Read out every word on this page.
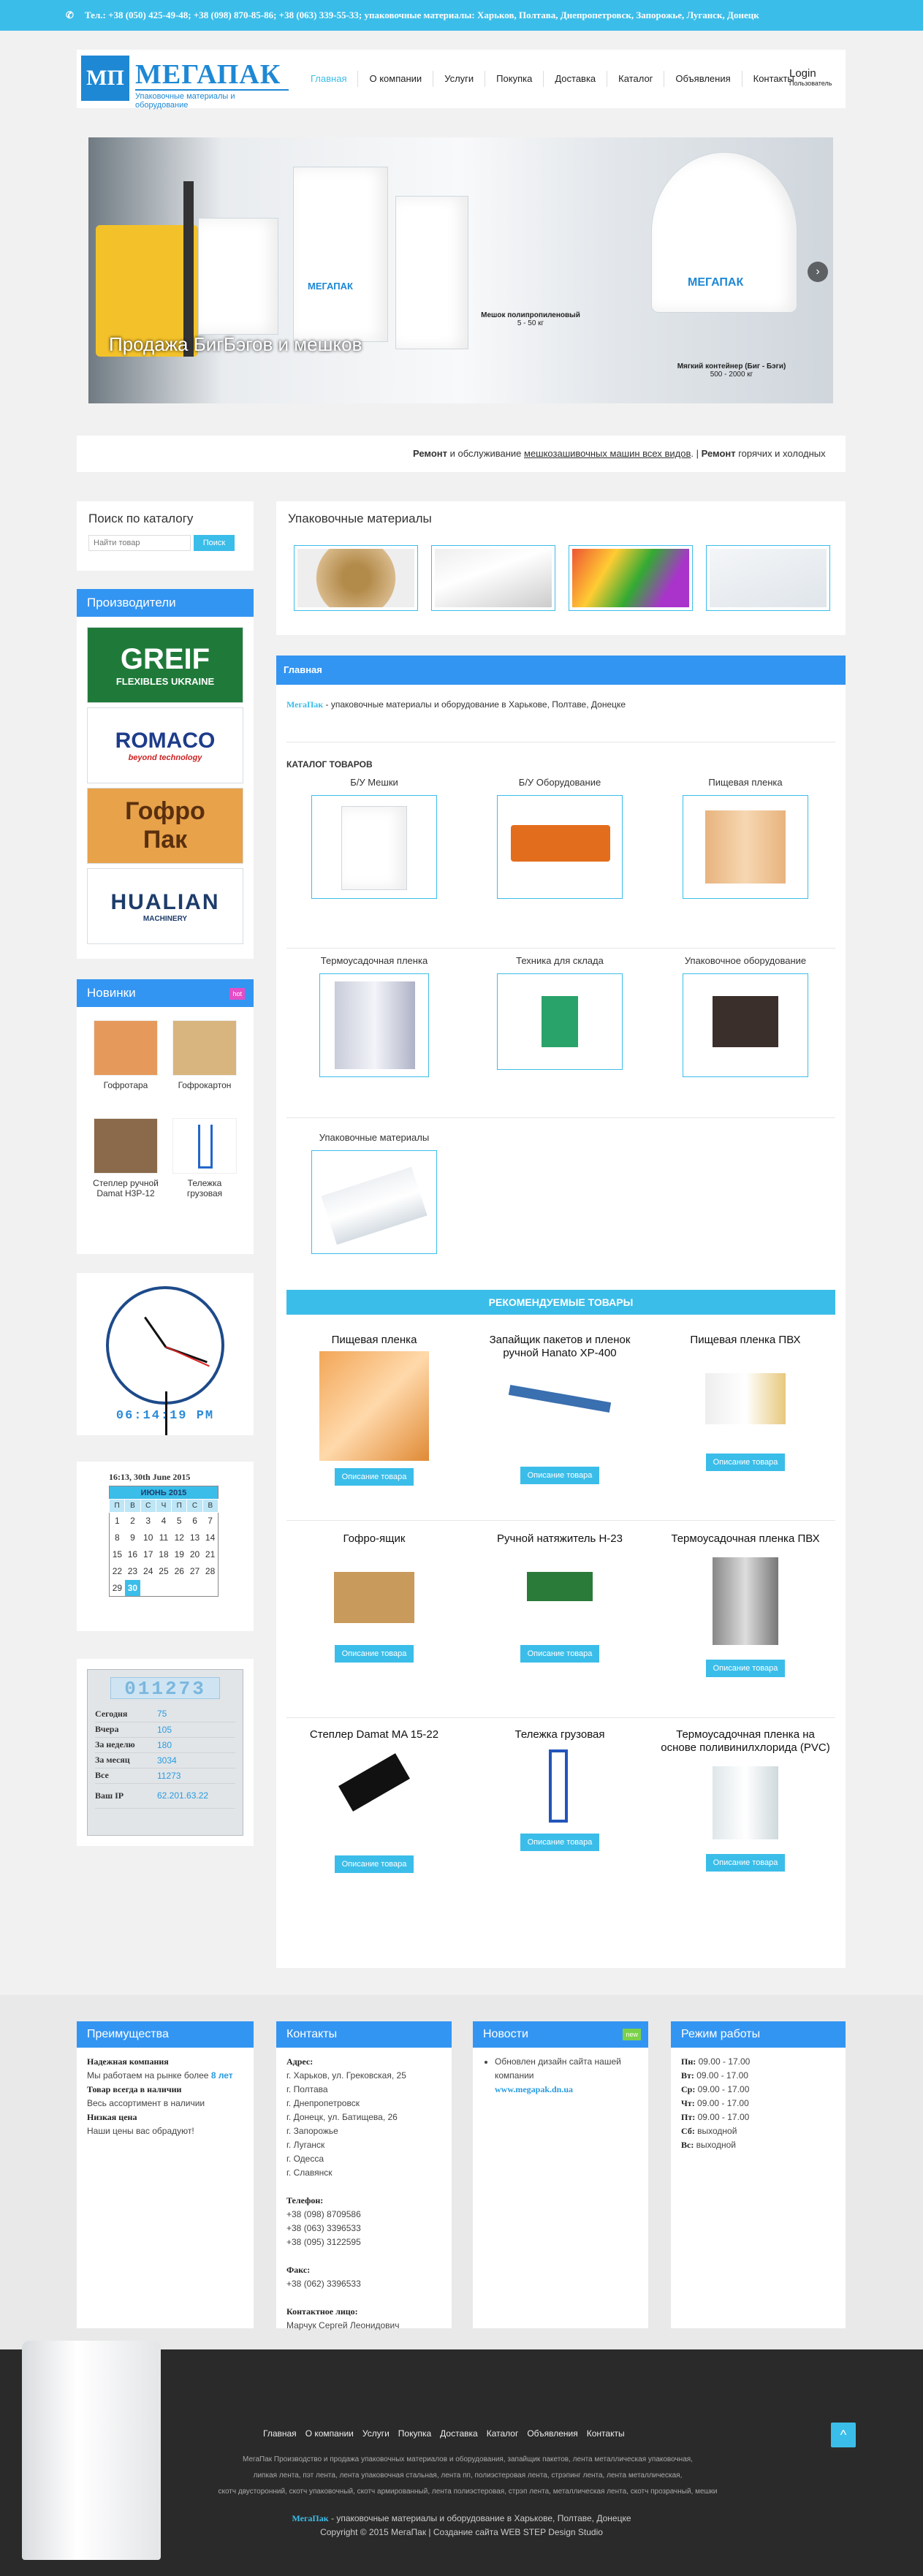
✆ Тел.: +38 (050) 425-49-48; +38 (098) 870-85-86; +38 (063) 339-55-33; упаковочные материалы: Харьков, Полтава, Днепропетровск, Запорожье, Луганск, Донецк
МП МЕГАПАК
Упаковочные материалы и оборудование
Главная	О компании	Услуги	Покупка	Доставка	Каталог	Объявления	Контакты
Login
Пользователь
МЕГАПАК	МЕГАПАК
Мешок полипропиленовый
5 - 50 кг
Мягкий контейнер (Биг - Бэги)
500 - 2000 кг
Продажа БигБэгов и мешков
›
Ремонт и обслуживание мешкозашивочных машин всех видов. | Ремонт горячих и холодных
Поиск по каталогу
Найти товарПоиск
Производители
GREIF
FLEXIBLES UKRAINE
ROMACO
beyond technology
Гофро
Пак
HUALIAN
MACHINERY
Новинки	hot
Гофротара	Гофрокартон
Степлер ручной Damat H3P-12
Тележка грузовая
06:14:19 PM
16:13, 30th June 2015
ИЮНЬ 2015						
П	В	С	Ч	П	С	В
1	2	3	4	5	6	7
8	9	10	11	12	13	14
15	16	17	18	19	20	21
22	23	24	25	26	27	28
29	30					
011273
Сегодня	75
Вчера	105
За неделю	180
За месяц	3034
Все	11273
Ваш IP	62.201.63.22
Упаковочные материалы
Главная
МегаПак - упаковочные материалы и оборудование в Харькове, Полтаве, Донецке
КАТАЛОГ ТОВАРОВ
Б/У Мешки	Б/У Оборудование	Пищевая пленка
Термоусадочная пленка	Техника для склада	Упаковочное оборудование
Упаковочные материалы
РЕКОМЕНДУЕМЫЕ ТОВАРЫ
Пищевая пленка
Описание товара
Запайщик пакетов и пленок ручной Hanato XP-400
Описание товара
Пищевая пленка ПВХ
Описание товара
Гофро-ящик
Описание товара
Ручной натяжитель Н-23
Описание товара
Термоусадочная пленка ПВХ
Описание товара
Степлер Damat MA 15-22
Описание товара
Тележка грузовая
Описание товара
Термоусадочная пленка на основе поливинилхлорида (PVC)
Описание товара
Преимущества
Надежная компания
Мы работаем на рынке более 8 лет
Товар всегда в наличии
Весь ассортимент в наличии
Низкая цена
Наши цены вас обрадуют!
Контакты
Адрес:
г. Харьков, ул. Грековская, 25
г. Полтава
г. Днепропетровск
г. Донецк, ул. Батищева, 26
г. Запорожье
г. Луганск
г. Одесса
г. Славянск

Телефон:
+38 (098) 8709586
+38 (063) 3396533
+38 (095) 3122595

Факс:
+38 (062) 3396533

Контактное лицо:
Марчук Сергей Леонидович
Новости	new
• Обновлен дизайн сайта нашей компании
www.megapak.dn.ua
Режим работы
Пн: 09.00 - 17.00
Вт: 09.00 - 17.00
Ср: 09.00 - 17.00
Чт: 09.00 - 17.00
Пт: 09.00 - 17.00
Сб: выходной
Вс: выходной
Главная О компании Услуги Покупка Доставка Каталог Объявления Контакты
МегаПак Производство и продажа упаковочных материалов и оборудования, запайщик пакетов, лента металлическая упаковочная,
липкая лента, пэт лента, лента упаковочная стальная, лента пп, полиэстеровая лента, стрэпинг лента, лента металлическая,
скотч двусторонний, скотч упаковочный, скотч армированный, лента полиэстеровая, стрэп лента, металлическая лента, скотч прозрачный, мешки
МегаПак - упаковочные материалы и оборудование в Харькове, Полтаве, Донецке
Copyright © 2015 МегаПак | Создание сайта WEB STEP Design Studio
^
